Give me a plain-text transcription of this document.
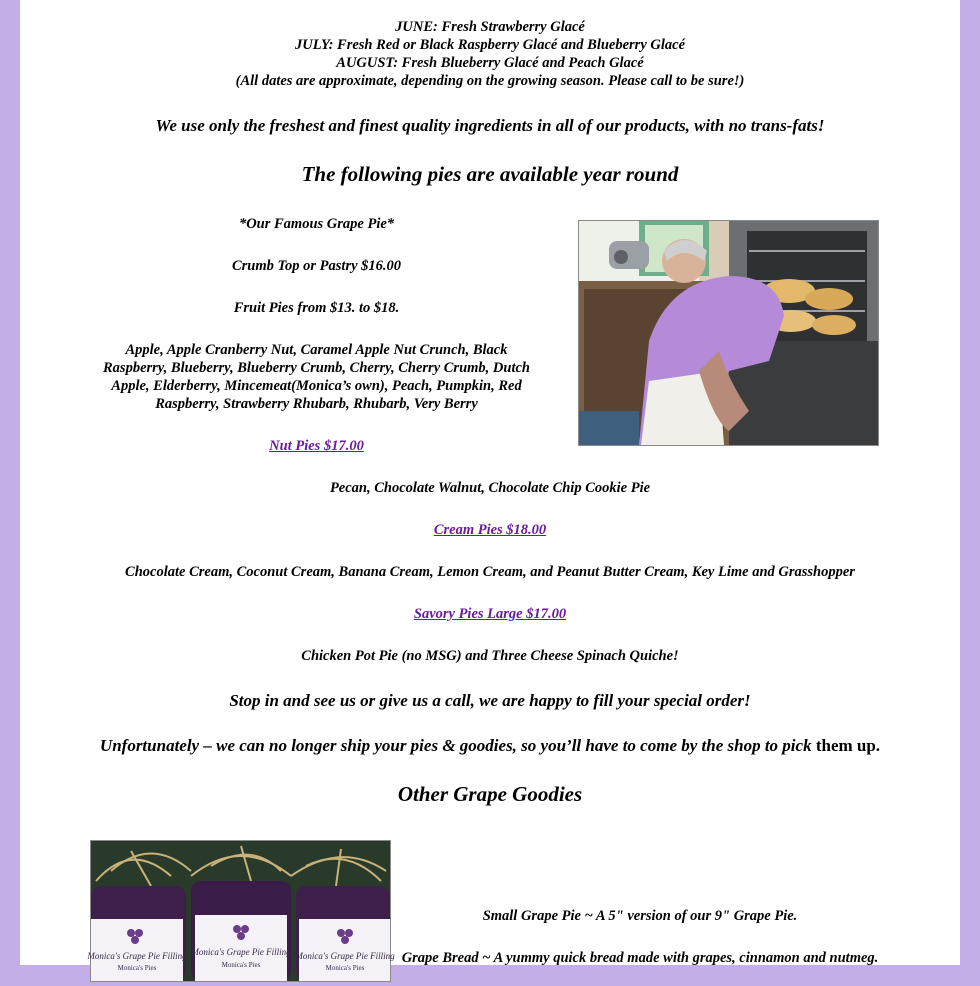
JUNE: Fresh Strawberry Glacé
JULY: Fresh Red or Black Raspberry Glacé and Blueberry Glacé
AUGUST: Fresh Blueberry Glacé and Peach Glacé
(All dates are approximate, depending on the growing season. Please call to be sure!)
We use only the freshest and finest quality ingredients in all of our products, with no trans-fats!
The following pies are available year round
*Our Famous Grape Pie*
Crumb Top or Pastry $16.00
Fruit Pies from $13. to $18.
Apple, Apple Cranberry Nut, Caramel Apple Nut Crunch, Black Raspberry, Blueberry, Blueberry Crumb, Cherry, Cherry Crumb, Dutch Apple, Elderberry, Mincemeat(Monica’s own), Peach, Pumpkin, Red Raspberry, Strawberry Rhubarb, Rhubarb, Very Berry
Nut Pies $17.00
Pecan, Chocolate Walnut, Chocolate Chip Cookie Pie
Cream Pies $18.00
Chocolate Cream, Coconut Cream, Banana Cream, Lemon Cream, and Peanut Butter Cream, Key Lime and Grasshopper
Savory Pies Large $17.00
Chicken Pot Pie (no MSG) and Three Cheese Spinach Quiche!
Stop in and see us or give us a call, we are happy to fill your special order!
Unfortunately – we can no longer ship your pies & goodies, so you’ll have to come by the shop to pick them up.
Other Grape Goodies
Monica's Grape Pie Filling Monica's Grape Pie Filling Monica's Grape Pie Filling
Monica's Pies	Monica's Pies	Monica's Pies
Small Grape Pie ~ A 5" version of our 9" Grape Pie.
Grape Bread ~ A yummy quick bread made with grapes, cinnamon and nutmeg.
